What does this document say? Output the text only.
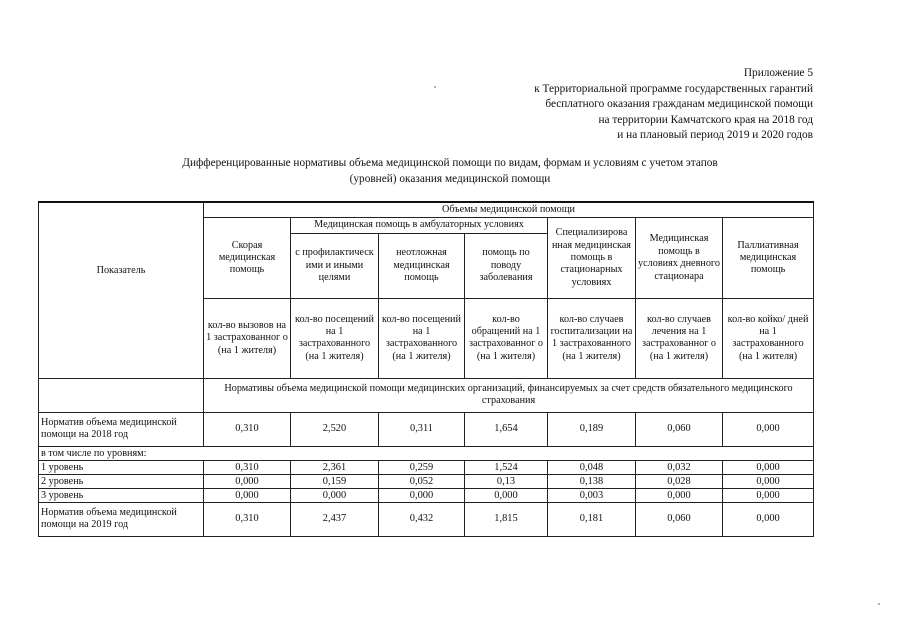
Приложение 5
к Территориальной программе государственных гарантий
бесплатного оказания гражданам медицинской помощи
на территории Камчатского края на 2018 год
и на плановый период 2019 и 2020 годов
Дифференцированные нормативы объема медицинской помощи по видам, формам и условиям с учетом этапов
(уровней) оказания медицинской помощи
Показатель	Объемы медицинской помощи						
	Скорая медицинская помощь	Медицинская помощь в амбулаторных условиях			Специализирова нная медицинская помощь в стационарных условиях	Медицинская помощь в условиях дневного стационара	Паллиативная медицинская помощь
		с профилактическ ими и иными целями	неотложная медицинская помощь	помощь по поводу заболевания			
	кол-во вызовов на 1 застрахованног о (на 1 жителя)	кол-во посещений на 1 застрахованного (на 1 жителя)	кол-во посещений на 1 застрахованного (на 1 жителя)	кол-во обращений на 1 застрахованног о (на 1 жителя)	кол-во случаев госпитализации на 1 застрахованного (на 1 жителя)	кол-во случаев лечения на 1 застрахованног о (на 1 жителя)	кол-во койко/ дней на 1 застрахованного (на 1 жителя)
	Нормативы объема медицинской помощи медицинских организаций, финансируемых за счет средств обязательного медицинского страхования						
Норматив объема медицинской помощи на 2018 год	0,310	2,520	0,311	1,654	0,189	0,060	0,000
в том числе по уровням:							
1 уровень	0,310	2,361	0,259	1,524	0,048	0,032	0,000
2 уровень	0,000	0,159	0,052	0,13	0,138	0,028	0,000
3 уровень	0,000	0,000	0,000	0,000	0,003	0,000	0,000
Норматив объема медицинской помощи на 2019 год	0,310	2,437	0,432	1,815	0,181	0,060	0,000
